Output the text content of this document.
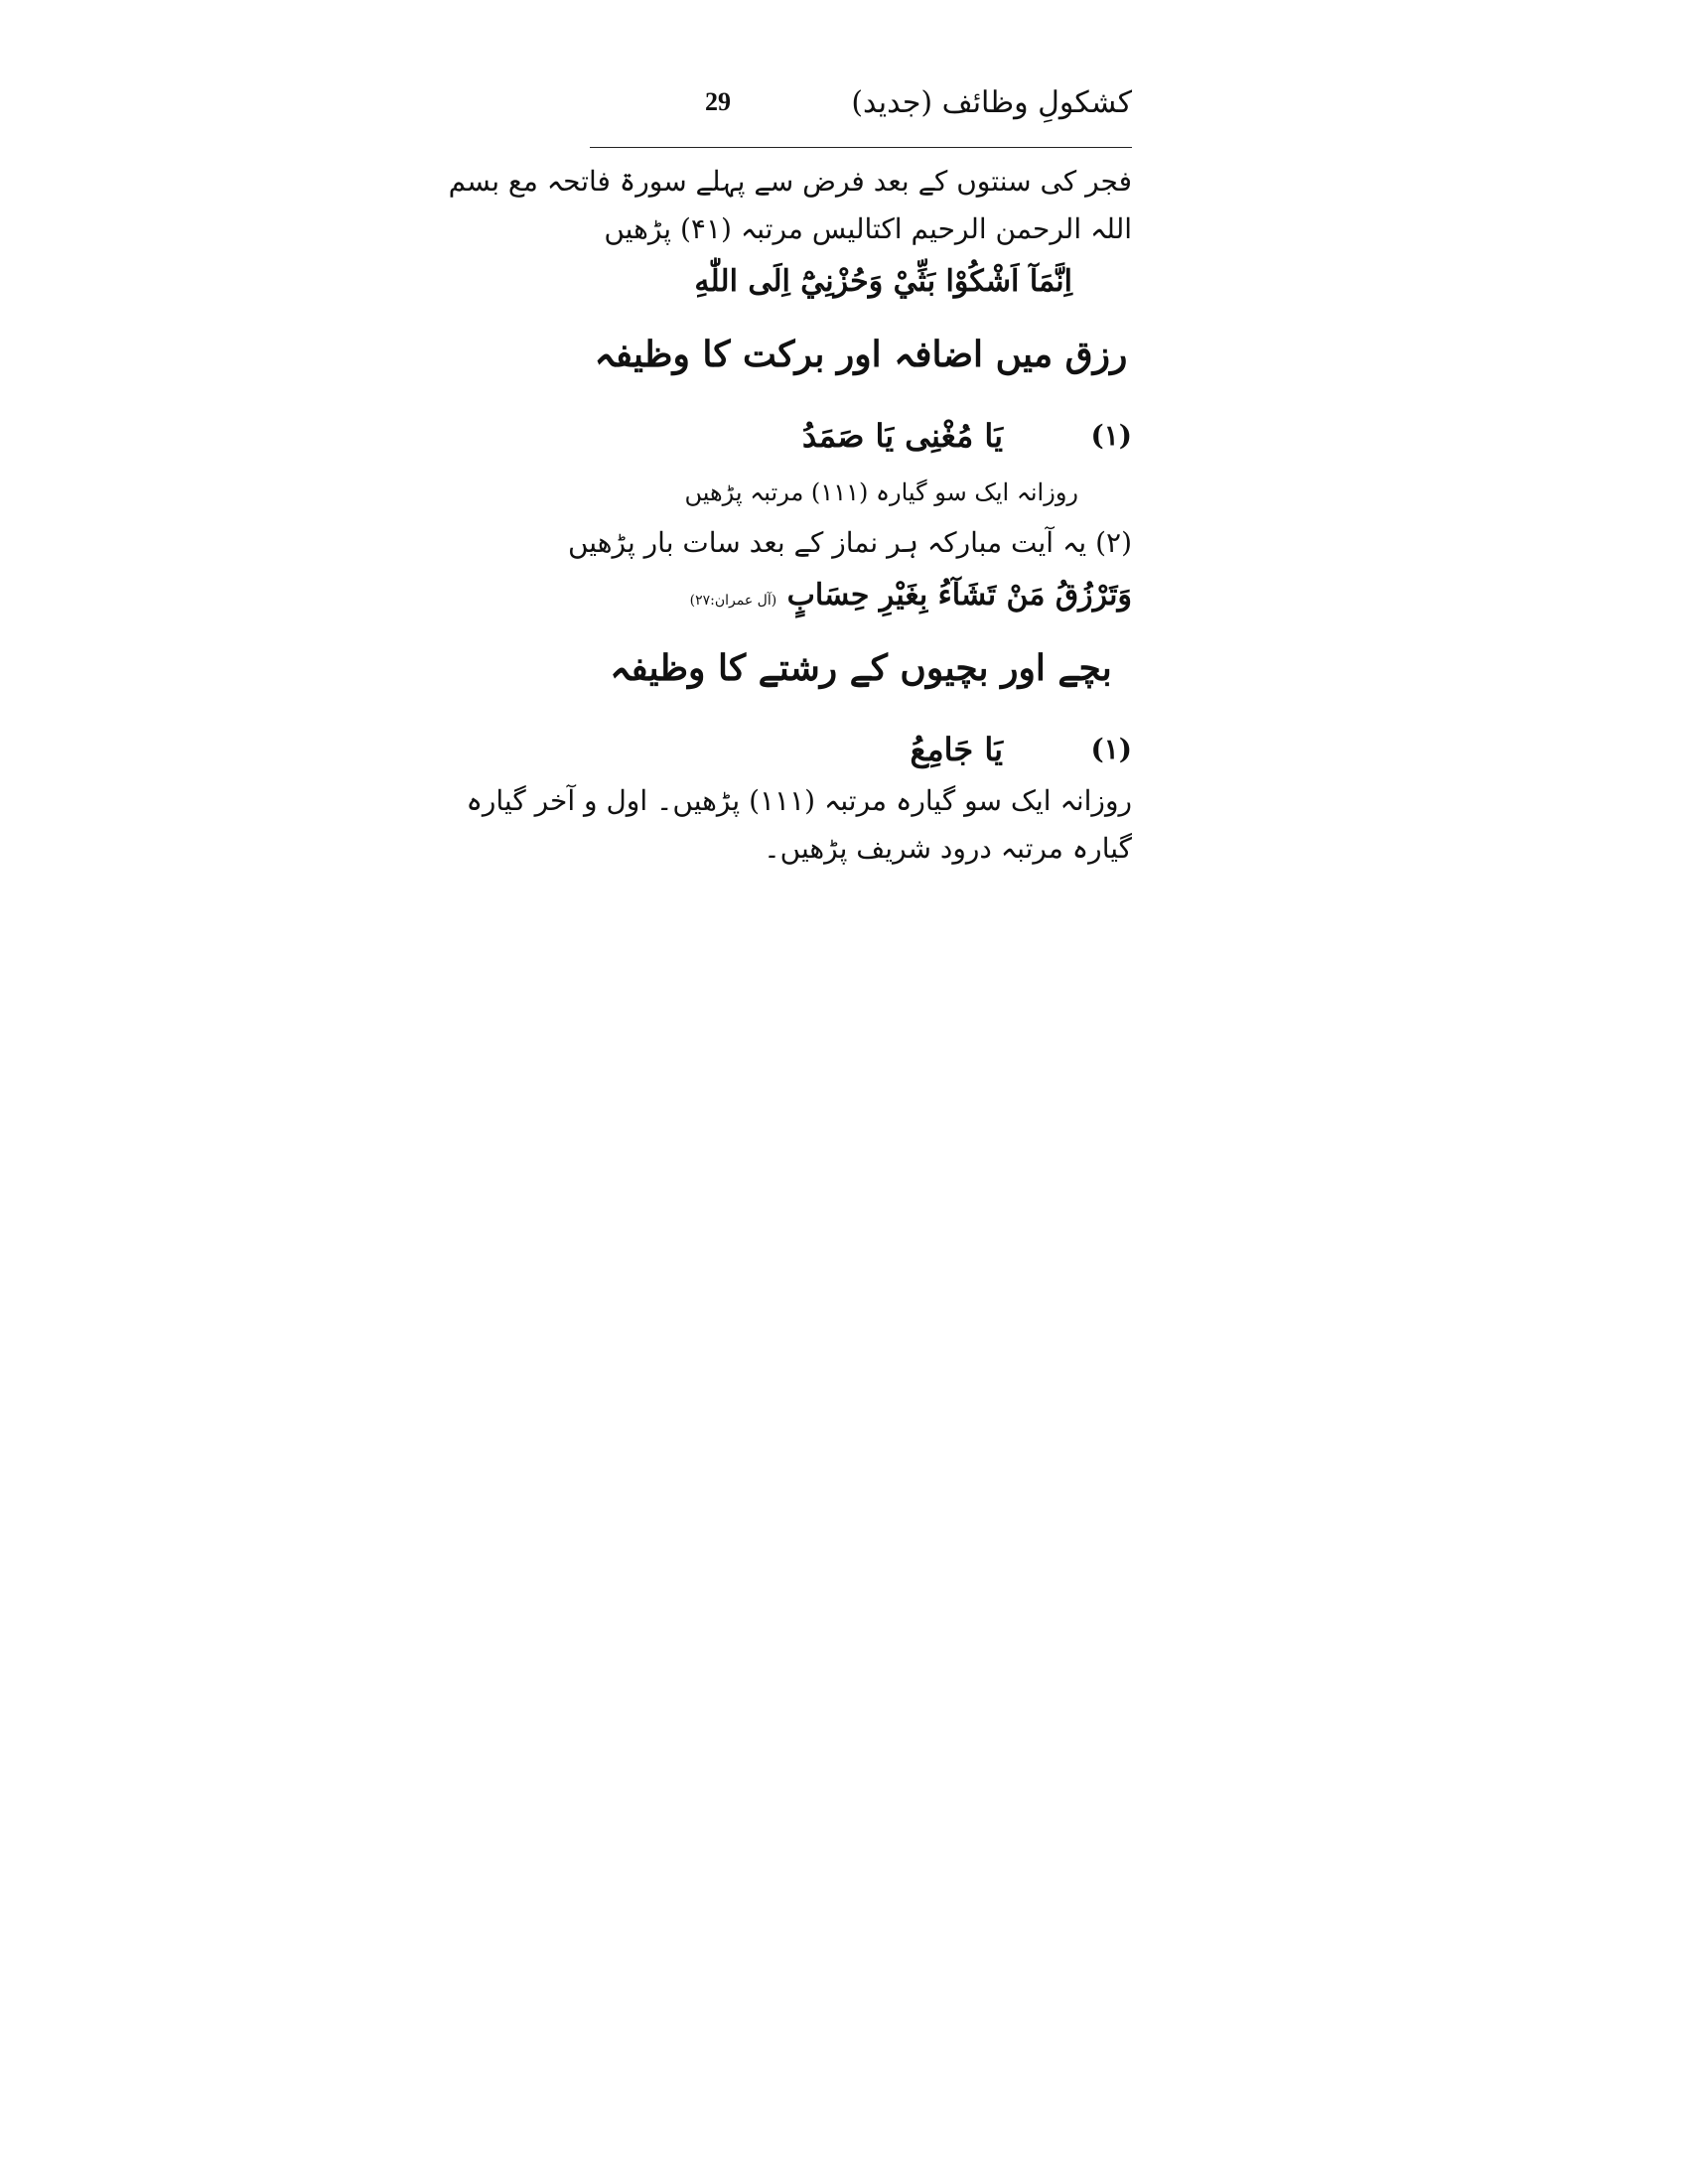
کشکولِ وظائف (جدید)
29
فجر کی سنتوں کے بعد فرض سے پہلے سورۃ فاتحہ مع بسم
اللہ الرحمن الرحیم اکتالیس مرتبہ (۴۱) پڑھیں
اِنَّمَآ اَشْكُوْا بَثِّيْ وَحُزْنِيْٓ اِلَى اللّٰهِ
رزق میں اضافہ اور برکت کا وظیفہ
(۱)
یَا مُغْنِی یَا صَمَدُ
روزانہ ایک سو گیارہ (۱۱۱) مرتبہ پڑھیں
(۲) یہ آیت مبارکہ ہر نماز کے بعد سات بار پڑھیں
وَتَرْزُقُ مَنْ تَشَآءُ بِغَيْرِ حِسَابٍ (آل عمران:۲۷)
بچے اور بچیوں کے رشتے کا وظیفہ
(۱)
یَا جَامِعُ
روزانہ ایک سو گیارہ مرتبہ (۱۱۱) پڑھیں۔ اول و آخر گیارہ
گیارہ مرتبہ درود شریف پڑھیں۔
